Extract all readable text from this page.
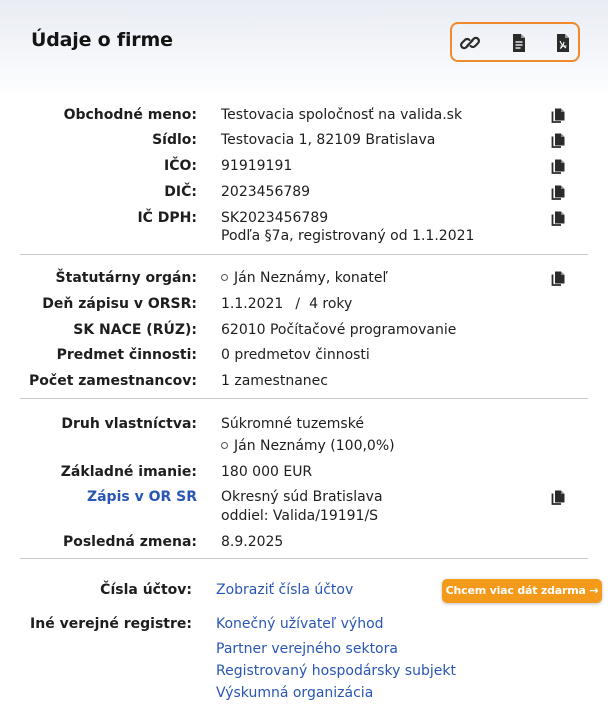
Údaje o firme
Obchodné meno: Testovacia spoločnosť na valida.sk
Sídlo: Testovacia 1, 82109 Bratislava
IČO: 91919191
DIČ: 2023456789
IČ DPH: SK2023456789
Podľa §7a, registrovaný od 1.1.2021
Štatutárny orgán:	Ján Neznámy, konateľ
Deň zápisu v ORSR: 1.1.2021 / 4 roky
SK NACE (RÚZ): 62010 Počítačové programovanie
Predmet činnosti: 0 predmetov činnosti
Počet zamestnancov: 1 zamestnanec
Druh vlastníctva: Súkromné tuzemské
Ján Neznámy (100,0%)
Základné imanie: 180 000 EUR
Zápis v OR SR Okresný súd Bratislava
oddiel: Valida/19191/S
Posledná zmena: 8.9.2025
Čísla účtov: Zobraziť čísla účtov	Chcem viac dát zdarma →
Iné verejné registre: Konečný užívateľ výhod
Partner verejného sektora
Registrovaný hospodársky subjekt
Výskumná organizácia
